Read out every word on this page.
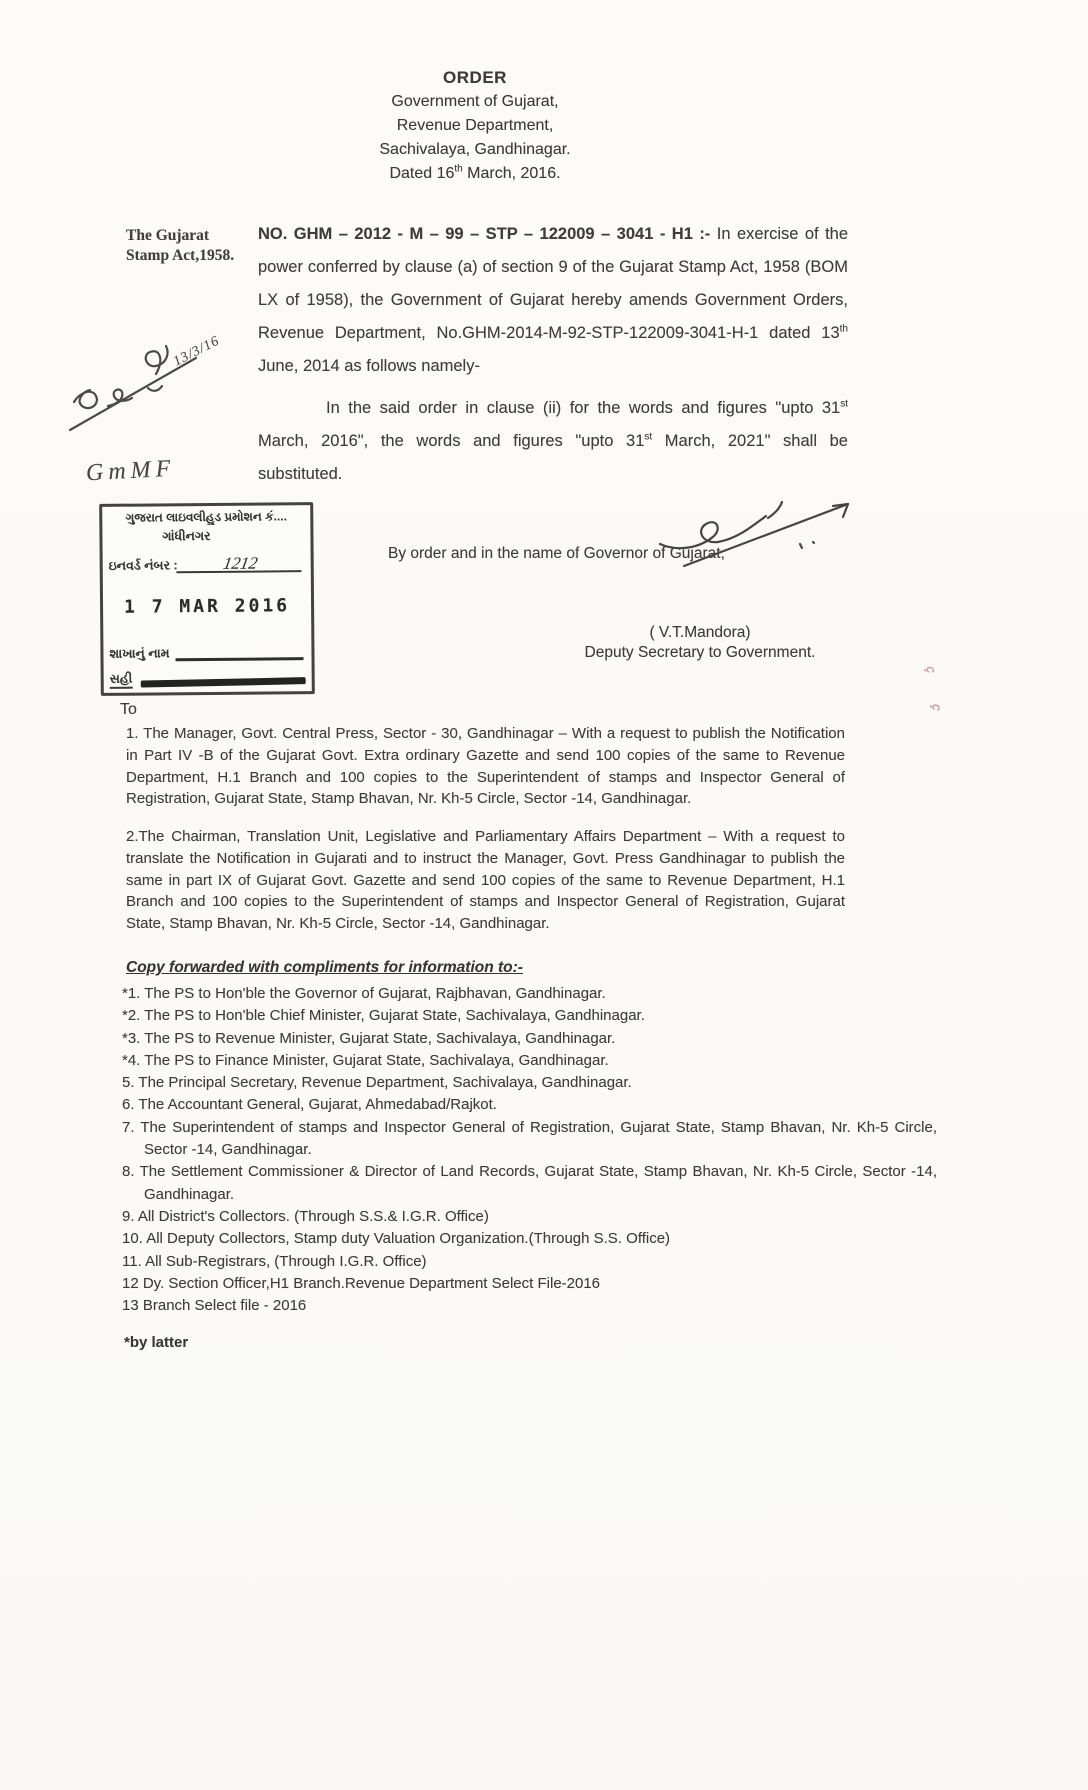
ORDER
Government of Gujarat,
Revenue Department,
Sachivalaya, Gandhinagar.
Dated 16th March, 2016.
The Gujarat
Stamp Act,1958.
NO. GHM – 2012 - M – 99 – STP – 122009 – 3041 - H1 :- In exercise of the power conferred by clause (a) of section 9 of the Gujarat Stamp Act, 1958 (BOM LX of 1958), the Government of Gujarat hereby amends Government Orders, Revenue Department, No.GHM-2014-M-92-STP-122009-3041-H-1 dated 13th June, 2014 as follows namely-
In the said order in clause (ii) for the words and figures "upto 31st March, 2016", the words and figures "upto 31st March, 2021" shall be substituted.
13/3/16
GmMF
ગુજરાત લાઇવલીહુડ પ્રમોશન કં....
ગાંધીનગર
ઇનવર્ડ નંબર :	1212
1 7 MAR 2016
શાખાનું નામ
સહી
By order and in the name of Governor of Gujarat,
( V.T.Mandora)
Deputy Secretary to Government.
To
1. The Manager, Govt. Central Press, Sector - 30, Gandhinagar – With a request to publish the Notification in Part IV -B of the Gujarat Govt. Extra ordinary Gazette and send 100 copies of the same to Revenue Department, H.1 Branch and 100 copies to the Superintendent of stamps and Inspector General of Registration, Gujarat State, Stamp Bhavan, Nr. Kh-5 Circle, Sector -14, Gandhinagar.
2.The Chairman, Translation Unit, Legislative and Parliamentary Affairs Department – With a request to translate the Notification in Gujarati and to instruct the Manager, Govt. Press Gandhinagar to publish the same in part IX of Gujarat Govt. Gazette and send 100 copies of the same to Revenue Department, H.1 Branch and 100 copies to the Superintendent of stamps and Inspector General of Registration, Gujarat State, Stamp Bhavan, Nr. Kh-5 Circle, Sector -14, Gandhinagar.
Copy forwarded with compliments for information to:-
*1. The PS to Hon'ble the Governor of Gujarat, Rajbhavan, Gandhinagar.
*2. The PS to Hon'ble Chief Minister, Gujarat State, Sachivalaya, Gandhinagar.
*3. The PS to Revenue Minister, Gujarat State, Sachivalaya, Gandhinagar.
*4. The PS to Finance Minister, Gujarat State, Sachivalaya, Gandhinagar.
5. The Principal Secretary, Revenue Department, Sachivalaya, Gandhinagar.
6. The Accountant General, Gujarat, Ahmedabad/Rajkot.
7. The Superintendent of stamps and Inspector General of Registration, Gujarat State, Stamp Bhavan, Nr. Kh-5 Circle, Sector -14, Gandhinagar.
8. The Settlement Commissioner & Director of Land Records, Gujarat State, Stamp Bhavan, Nr. Kh-5 Circle, Sector -14, Gandhinagar.
9. All District's Collectors. (Through S.S.& I.G.R. Office)
10. All Deputy Collectors, Stamp duty Valuation Organization.(Through S.S. Office)
11. All Sub-Registrars, (Through I.G.R. Office)
12 Dy. Section Officer,H1 Branch.Revenue Department Select File-2016
13 Branch Select file - 2016
*by latter
ç
ç
